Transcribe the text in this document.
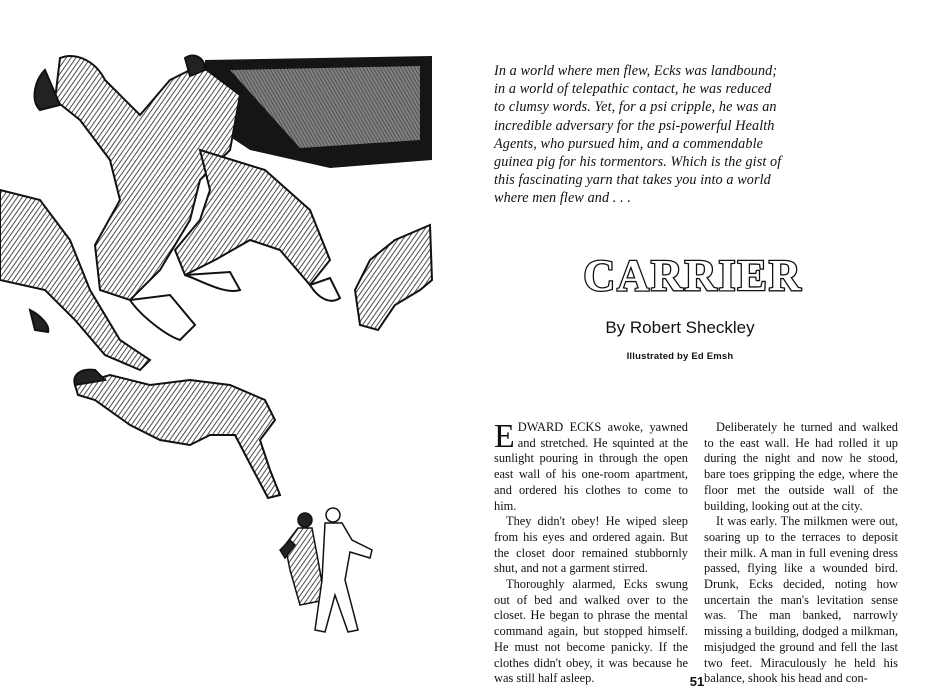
In a world where men flew, Ecks was landbound;
in a world of telepathic contact, he was reduced
to clumsy words. Yet, for a psi cripple, he was an
incredible adversary for the psi-powerful Health
Agents, who pursued him, and a commendable
guinea pig for his tormentors. Which is the gist of
this fascinating yarn that takes you into a world
where men flew and . . .
CARRIER
By Robert Sheckley
Illustrated by Ed Emsh

EDWARD ECKS awoke, yawned and stretched. He squinted at the sunlight pouring in through the open east wall of his one-room apartment, and ordered his clothes to come to him.

They didn't obey! He wiped sleep from his eyes and ordered again. But the closet door remained stubbornly shut, and not a garment stirred.

Thoroughly alarmed, Ecks swung out of bed and walked over to the closet. He began to phrase the mental command again, but stopped himself. He must not become panicky. If the clothes didn't obey, it was because he was still half asleep.

Deliberately he turned and walked to the east wall. He had rolled it up during the night and now he stood, bare toes gripping the edge, where the floor met the outside wall of the building, looking out at the city.

It was early. The milkmen were out, soaring up to the terraces to deposit their milk. A man in full evening dress passed, flying like a wounded bird. Drunk, Ecks decided, noting how uncertain the man's levitation sense was. The man banked, narrowly missing a building, dodged a milkman, misjudged the ground and fell the last two feet. Miraculously he held his balance, shook his head and con-

51
